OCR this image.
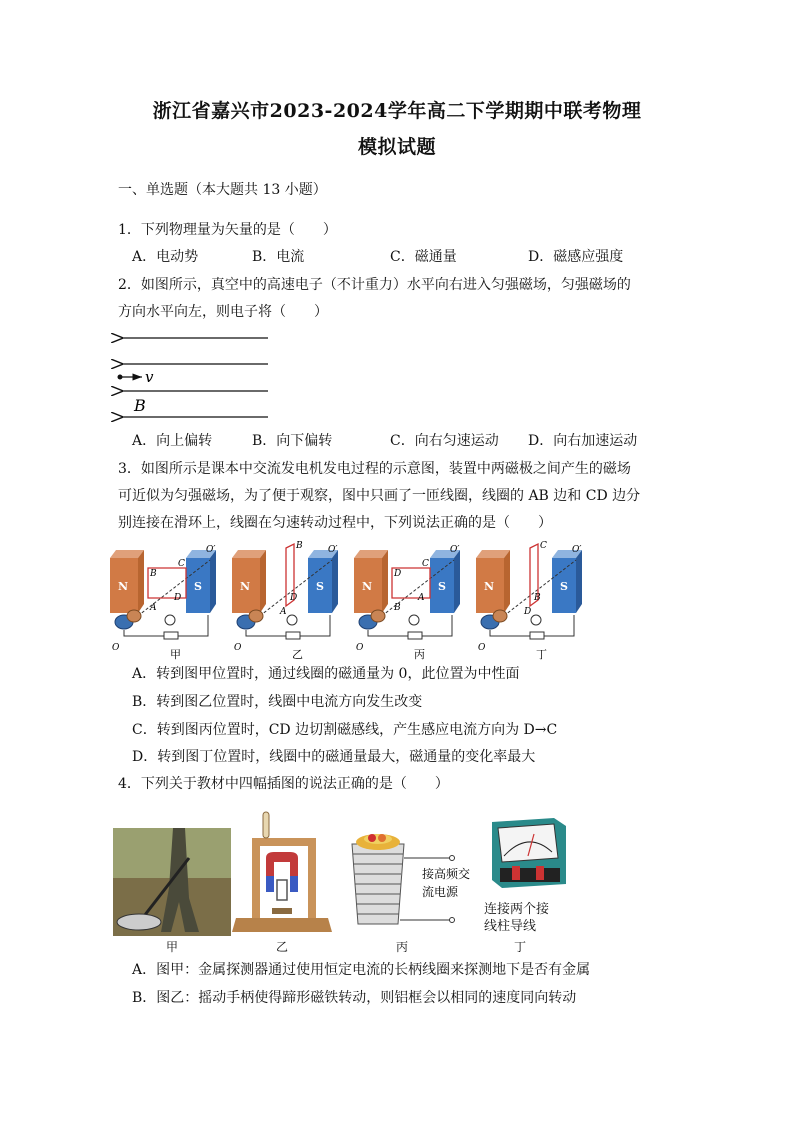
浙江省嘉兴市2023-2024学年高二下学期期中联考物理
模拟试题
一、单选题（本大题共 13 小题）
1．下列物理量为矢量的是（　　）
A．电动势	B．电流	C．磁通量	D．磁感应强度
2．如图所示，真空中的高速电子（不计重力）水平向右进入匀强磁场，匀强磁场的
方向水平向左，则电子将（　　）
v
B
A．向上偏转	B．向下偏转	C．向右匀速运动 D．向右加速运动
3．如图所示是课本中交流发电机发电过程的示意图，装置中两磁极之间产生的磁场
可近似为匀强磁场，为了便于观察，图中只画了一匝线圈，线圈的 AB 边和 CD 边分
别连接在滑环上，线圈在匀速转动过程中，下列说法正确的是（　　）
B
A
D
C
B
A
D
D
C
B
A
C
D
B
甲	乙	丙	丁
A．转到图甲位置时，通过线圈的磁通量为 0，此位置为中性面
B．转到图乙位置时，线圈中电流方向发生改变
C．转到图丙位置时，CD 边切割磁感线，产生感应电流方向为 D→C
D．转到图丁位置时，线圈中的磁通量最大，磁通量的变化率最大
4．下列关于教材中四幅插图的说法正确的是（　　）
甲	乙
接高频交
流电源
丙
连接两个接
线柱导线
丁
A．图甲：金属探测器通过使用恒定电流的长柄线圈来探测地下是否有金属
B．图乙：摇动手柄使得蹄形磁铁转动，则铝框会以相同的速度同向转动
